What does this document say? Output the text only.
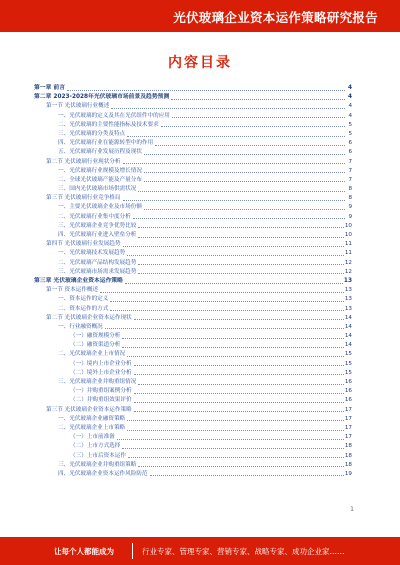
光伏玻璃企业资本运作策略研究报告
内容目录
第一章 前言	4
第二章 2023-2028年光伏玻璃市场前景及趋势预测	4
第一节 光伏玻璃行业概述	4
一、光伏玻璃的定义及其在光伏组件中的应用	4
二、光伏玻璃的主要性能指标及技术要求	5
三、光伏玻璃的分类及特点	5
四、光伏玻璃行业在能源转型中的作用	6
五、光伏玻璃行业发展历程及现状	6
第二节 光伏玻璃行业现状分析	7
一、光伏玻璃行业规模及增长情况	7
二、全球光伏玻璃产能及产量分布	7
三、国内光伏玻璃市场供需状况	8
第三节 光伏玻璃行业竞争格局	8
一、主要光伏玻璃企业及市场份额	9
二、光伏玻璃行业集中度分析	9
三、光伏玻璃企业竞争优势比较	10
四、光伏玻璃行业进入壁垒分析	10
第四节 光伏玻璃行业发展趋势	11
一、光伏玻璃技术发展趋势	11
二、光伏玻璃产品结构发展趋势	12
三、光伏玻璃市场需求发展趋势	12
第三章 光伏玻璃企业资本运作策略	13
第一节 资本运作概述	13
一、资本运作的定义	13
二、资本运作的方式	13
第二节 光伏玻璃企业资本运作现状	14
一、行业融资概况	14
（一）融资规模分析	14
（二）融资渠道分析	14
二、光伏玻璃企业上市情况	15
（一）境内上市企业分析	15
（二）境外上市企业分析	15
三、光伏玻璃企业并购重组情况	16
（一）并购重组案例分析	16
（二）并购重组效果评价	16
第三节 光伏玻璃企业资本运作策略	17
一、光伏玻璃企业融资策略	17
二、光伏玻璃企业上市策略	17
（一）上市前准备	17
（二）上市方式选择	18
（三）上市后资本运作	18
三、光伏玻璃企业并购重组策略	18
四、光伏玻璃企业资本运作风险防范	19
1
让每个人都能成为	行业专家、管理专家、营销专家、战略专家、成功企业家……
